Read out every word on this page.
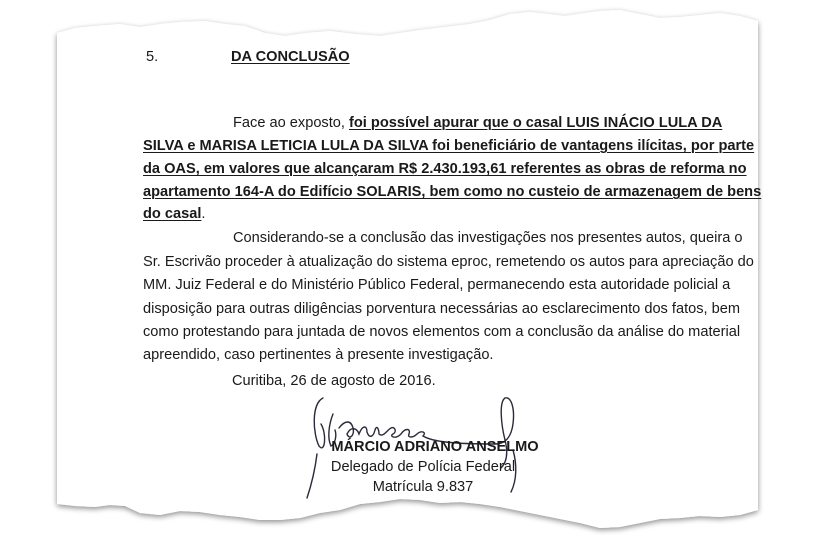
5.	DA CONCLUSÃO
Face ao exposto, foi possível apurar que o casal LUIS INÁCIO LULA DA
SILVA e MARISA LETICIA LULA DA SILVA foi beneficiário de vantagens ilícitas, por parte
da OAS, em valores que alcançaram R$ 2.430.193,61 referentes as obras de reforma no
apartamento 164-A do Edifício SOLARIS, bem como no custeio de armazenagem de bens
do casal.
Considerando-se a conclusão das investigações nos presentes autos, queira o
Sr. Escrivão proceder à atualização do sistema eproc, remetendo os autos para apreciação do
MM. Juiz Federal e do Ministério Público Federal, permanecendo esta autoridade policial a
disposição para outras diligências porventura necessárias ao esclarecimento dos fatos, bem
como protestando para juntada de novos elementos com a conclusão da análise do material
apreendido, caso pertinentes à presente investigação.
Curitiba, 26 de agosto de 2016.
MÁRCIO ADRIANO ANSELMO
Delegado de Polícia Federal
Matrícula 9.837
